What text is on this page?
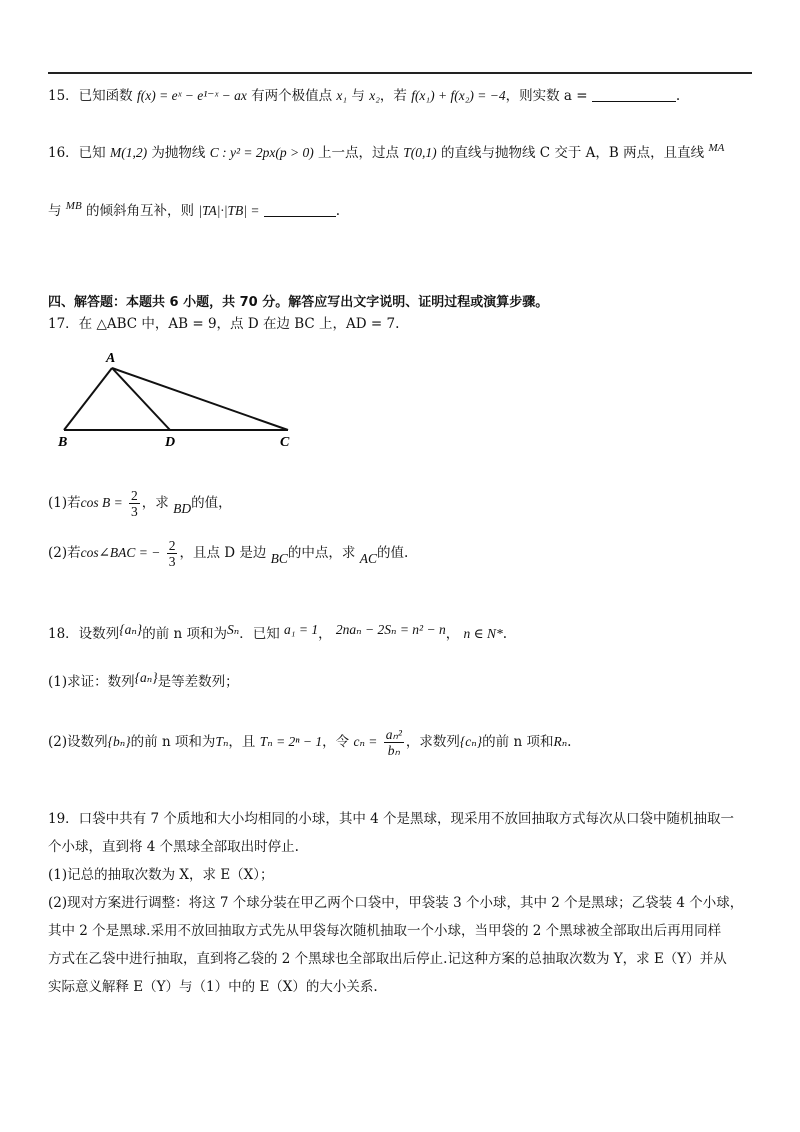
15．已知函数 f(x) = eˣ − e¹⁻ˣ − ax 有两个极值点 x₁ 与 x₂，若 f(x₁) + f(x₂) = −4，则实数 a =	.
16．已知 M(1,2) 为抛物线 C : y² = 2px(p > 0) 上一点，过点 T(0,1) 的直线与抛物线 C 交于 A，B 两点，且直线 $^{MA}$
与 $^{MB}$ 的倾斜角互补，则 |TA|·|TB| =	.
四、解答题：本题共 6 小题，共 70 分。解答应写出文字说明、证明过程或演算步骤。
17．在 △ABC 中，AB = 9，点 D 在边 BC 上，AD = 7.
A
B	D	C
(1)若$\cos B = \frac{2}{3}$ ，求 BD的值，
(2)若cos∠BAC = − $\frac{2}{3}$ ，且点 D 是边 BC的中点，求 AC的值.
18．设数列{aₙ}的前 n 项和为Sₙ．已知 a₁ = 1， 2naₙ − 2Sₙ = n² − n， n ∈ N*.
(1)求证：数列{aₙ}是等差数列；
(2)设数列{bₙ}的前 n 项和为Tₙ，且 Tₙ = 2ⁿ − 1，令 $c_n = \frac{\text{aₙ²}}{\text{bₙ}}$ ，求数列{cₙ}的前 n 项和Rₙ.
19．口袋中共有 7 个质地和大小均相同的小球，其中 4 个是黑球，现采用不放回抽取方式每次从口袋中随机抽取一
个小球，直到将 4 个黑球全部取出时停止.
(1)记总的抽取次数为 X，求 E（X）；
(2)现对方案进行调整：将这 7 个球分装在甲乙两个口袋中，甲袋装 3 个小球，其中 2 个是黑球；乙袋装 4 个小球，
其中 2 个是黑球.采用不放回抽取方式先从甲袋每次随机抽取一个小球，当甲袋的 2 个黑球被全部取出后再用同样
方式在乙袋中进行抽取，直到将乙袋的 2 个黑球也全部取出后停止.记这种方案的总抽取次数为 Y，求 E（Y）并从
实际意义解释 E（Y）与（1）中的 E（X）的大小关系.
